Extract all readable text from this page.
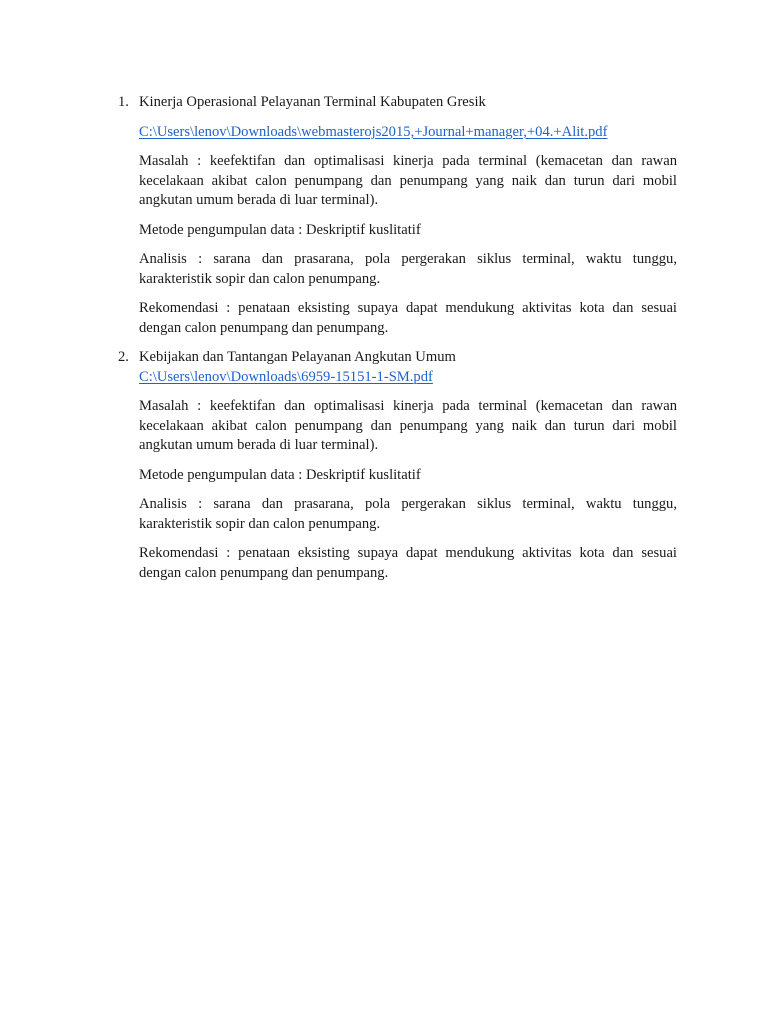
1. Kinerja Operasional Pelayanan Terminal Kabupaten Gresik

C:\Users\lenov\Downloads\webmasterojs2015,+Journal+manager,+04.+Alit.pdf

Masalah : keefektifan dan optimalisasi kinerja pada terminal (kemacetan dan rawan kecelakaan akibat calon penumpang dan penumpang yang naik dan turun dari mobil angkutan umum berada di luar terminal).

Metode pengumpulan data : Deskriptif kuslitatif

Analisis : sarana dan prasarana, pola pergerakan siklus terminal, waktu tunggu, karakteristik sopir dan calon penumpang.

Rekomendasi : penataan eksisting supaya dapat mendukung aktivitas kota dan sesuai dengan calon penumpang dan penumpang.

2. Kebijakan dan Tantangan Pelayanan Angkutan Umum

C:\Users\lenov\Downloads\6959-15151-1-SM.pdf

Masalah : keefektifan dan optimalisasi kinerja pada terminal (kemacetan dan rawan kecelakaan akibat calon penumpang dan penumpang yang naik dan turun dari mobil angkutan umum berada di luar terminal).

Metode pengumpulan data : Deskriptif kuslitatif

Analisis : sarana dan prasarana, pola pergerakan siklus terminal, waktu tunggu, karakteristik sopir dan calon penumpang.

Rekomendasi : penataan eksisting supaya dapat mendukung aktivitas kota dan sesuai dengan calon penumpang dan penumpang.
